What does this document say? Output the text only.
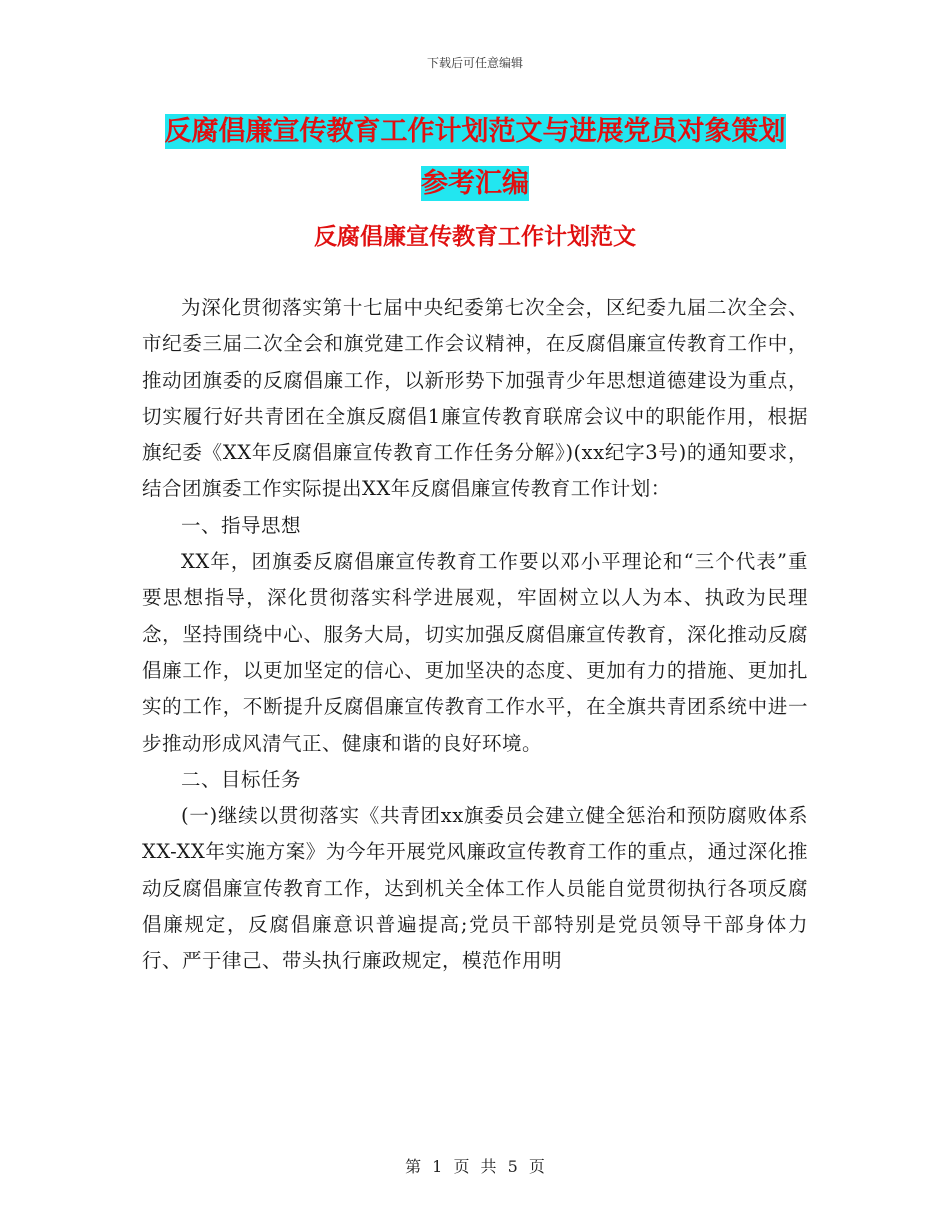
下载后可任意编辑
反腐倡廉宣传教育工作计划范文与进展党员对象策划
参考汇编
反腐倡廉宣传教育工作计划范文

为深化贯彻落实第十七届中央纪委第七次全会，区纪委九届二次全会、市纪委三届二次全会和旗党建工作会议精神，在反腐倡廉宣传教育工作中，推动团旗委的反腐倡廉工作，以新形势下加强青少年思想道德建设为重点，切实履行好共青团在全旗反腐倡1廉宣传教育联席会议中的职能作用，根据旗纪委《XX年反腐倡廉宣传教育工作任务分解》)(xx纪字3号)的通知要求，结合团旗委工作实际提出XX年反腐倡廉宣传教育工作计划：

一、指导思想

XX年，团旗委反腐倡廉宣传教育工作要以邓小平理论和“三个代表”重要思想指导，深化贯彻落实科学进展观，牢固树立以人为本、执政为民理念，坚持围绕中心、服务大局，切实加强反腐倡廉宣传教育，深化推动反腐倡廉工作，以更加坚定的信心、更加坚决的态度、更加有力的措施、更加扎实的工作，不断提升反腐倡廉宣传教育工作水平，在全旗共青团系统中进一步推动形成风清气正、健康和谐的良好环境。

二、目标任务

(一)继续以贯彻落实《共青团xx旗委员会建立健全惩治和预防腐败体系XX-XX年实施方案》为今年开展党风廉政宣传教育工作的重点，通过深化推动反腐倡廉宣传教育工作，达到机关全体工作人员能自觉贯彻执行各项反腐倡廉规定，反腐倡廉意识普遍提高;党员干部特别是党员领导干部身体力行、严于律己、带头执行廉政规定，模范作用明

第 1 页 共 5 页
